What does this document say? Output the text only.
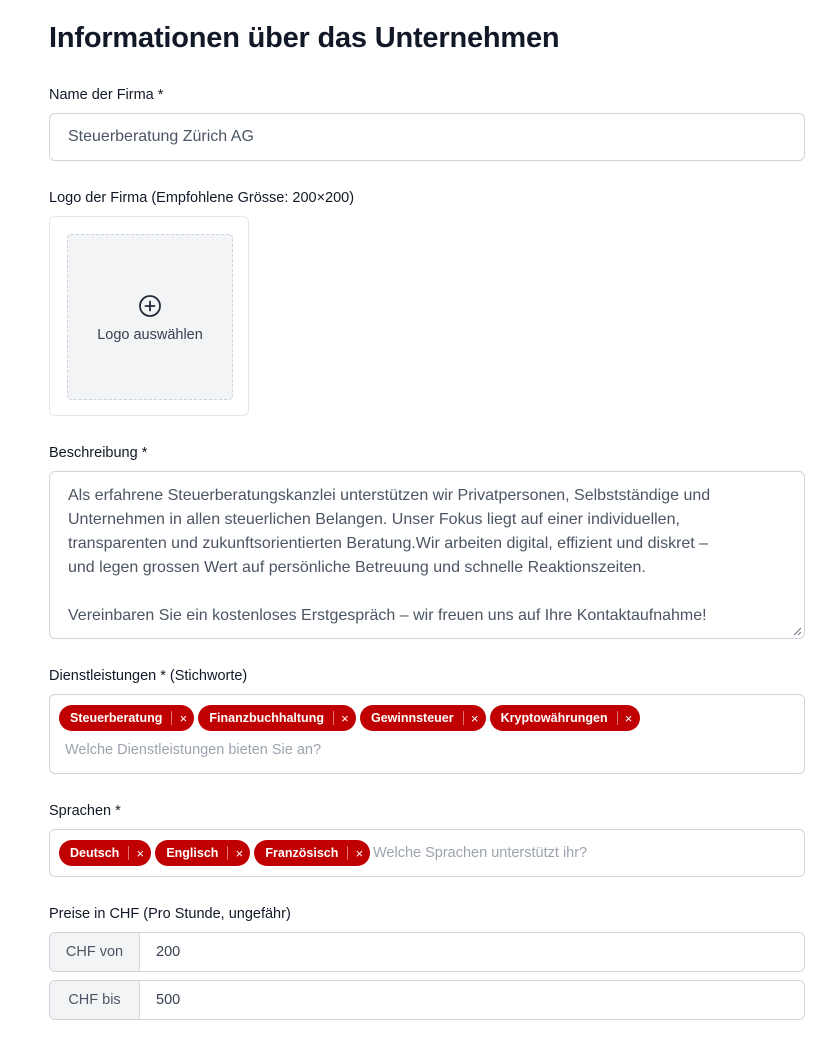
Informationen über das Unternehmen
Name der Firma *
Steuerberatung Zürich AG
Logo der Firma (Empfohlene Grösse: 200×200)
Logo auswählen
Beschreibung *

Als erfahrene Steuerberatungskanzlei unterstützen wir Privatpersonen, Selbstständige und

Unternehmen in allen steuerlichen Belangen. Unser Fokus liegt auf einer individuellen,

transparenten und zukunftsorientierten Beratung.Wir arbeiten digital, effizient und diskret –

und legen grossen Wert auf persönliche Betreuung und schnelle Reaktionszeiten.

Vereinbaren Sie ein kostenloses Erstgespräch – wir freuen uns auf Ihre Kontaktaufnahme!

Dienstleistungen * (Stichworte)
Steuerberatung	×	Finanzbuchhaltung	×	Gewinnsteuer	×	Kryptowährungen	×
Welche Dienstleistungen bieten Sie an?
Sprachen *
Deutsch	×	Englisch	×	Französisch	× Welche Sprachen unterstützt ihr?
Preise in CHF (Pro Stunde, ungefähr)
CHF von
200
CHF bis
500
